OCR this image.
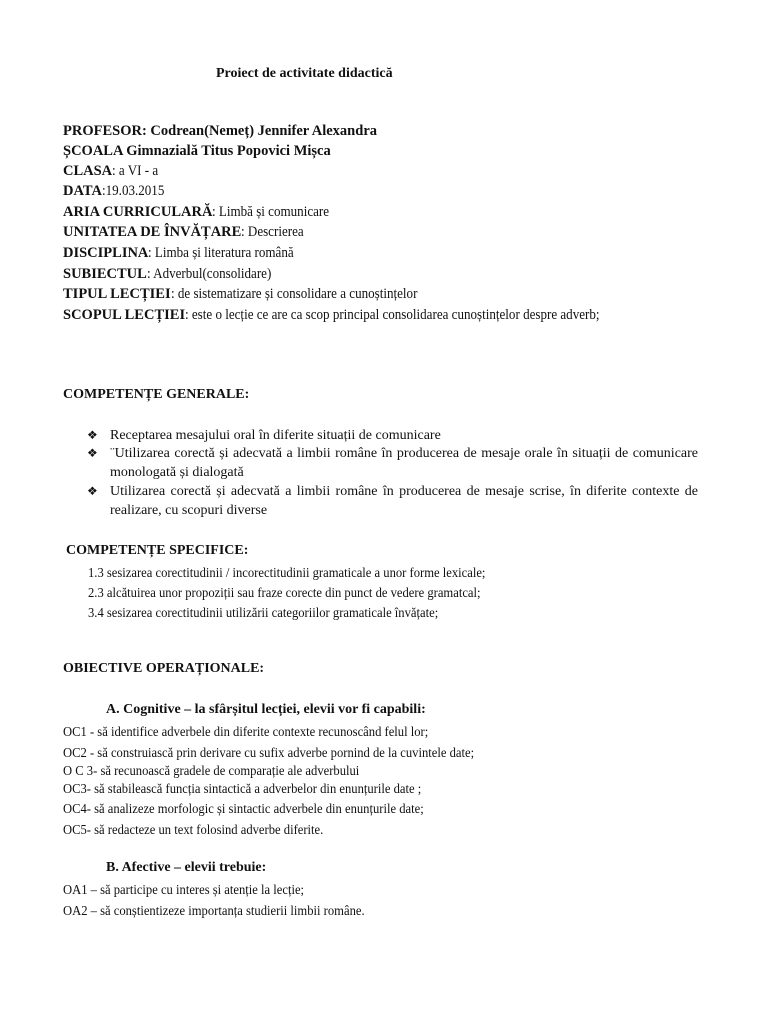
Proiect de activitate didactică
PROFESOR: Codrean(Nemeț) Jennifer Alexandra
ȘCOALA Gimnazială Titus Popovici Mișca
CLASA: a VI - a
DATA:19.03.2015
ARIA CURRICULARĂ: Limbă și comunicare
UNITATEA DE ÎNVĂȚARE: Descrierea
DISCIPLINA: Limba și literatura română
SUBIECTUL: Adverbul(consolidare)
TIPUL LECȚIEI: de sistematizare și consolidare a cunoștințelor
SCOPUL LECȚIEI: este o lecție ce are ca scop principal consolidarea cunoștințelor despre adverb;
COMPETENȚE GENERALE:
❖ Receptarea mesajului oral în diferite situații de comunicare
❖ ¨Utilizarea corectă și adecvată a limbii române în producerea de mesaje orale în situații de comunicare monologată și dialogată
❖ Utilizarea corectă și adecvată a limbii române în producerea de mesaje scrise, în diferite contexte de realizare, cu scopuri diverse
COMPETENȚE SPECIFICE:
1.3 sesizarea corectitudinii / incorectitudinii gramaticale a unor forme lexicale;
2.3 alcătuirea unor propoziții sau fraze corecte din punct de vedere gramatcal;
3.4 sesizarea corectitudinii utilizării categoriilor gramaticale învățate;
OBIECTIVE OPERAȚIONALE:
A. Cognitive – la sfârșitul lecției, elevii vor fi capabili:
OC1 - să identifice adverbele din diferite contexte recunoscând felul lor;
OC2 - să construiască prin derivare cu sufix adverbe pornind de la cuvintele date;
O C 3- să recunoască gradele de comparație ale adverbului
OC3- să stabilească funcția sintactică a adverbelor din enunțurile date ;
OC4- să analizeze morfologic și sintactic adverbele din enunțurile date;
OC5- să redacteze un text folosind adverbe diferite.
B. Afective – elevii trebuie:
OA1 – să participe cu interes și atenție la lecție;
OA2 – să conștientizeze importanța studierii limbii române.
